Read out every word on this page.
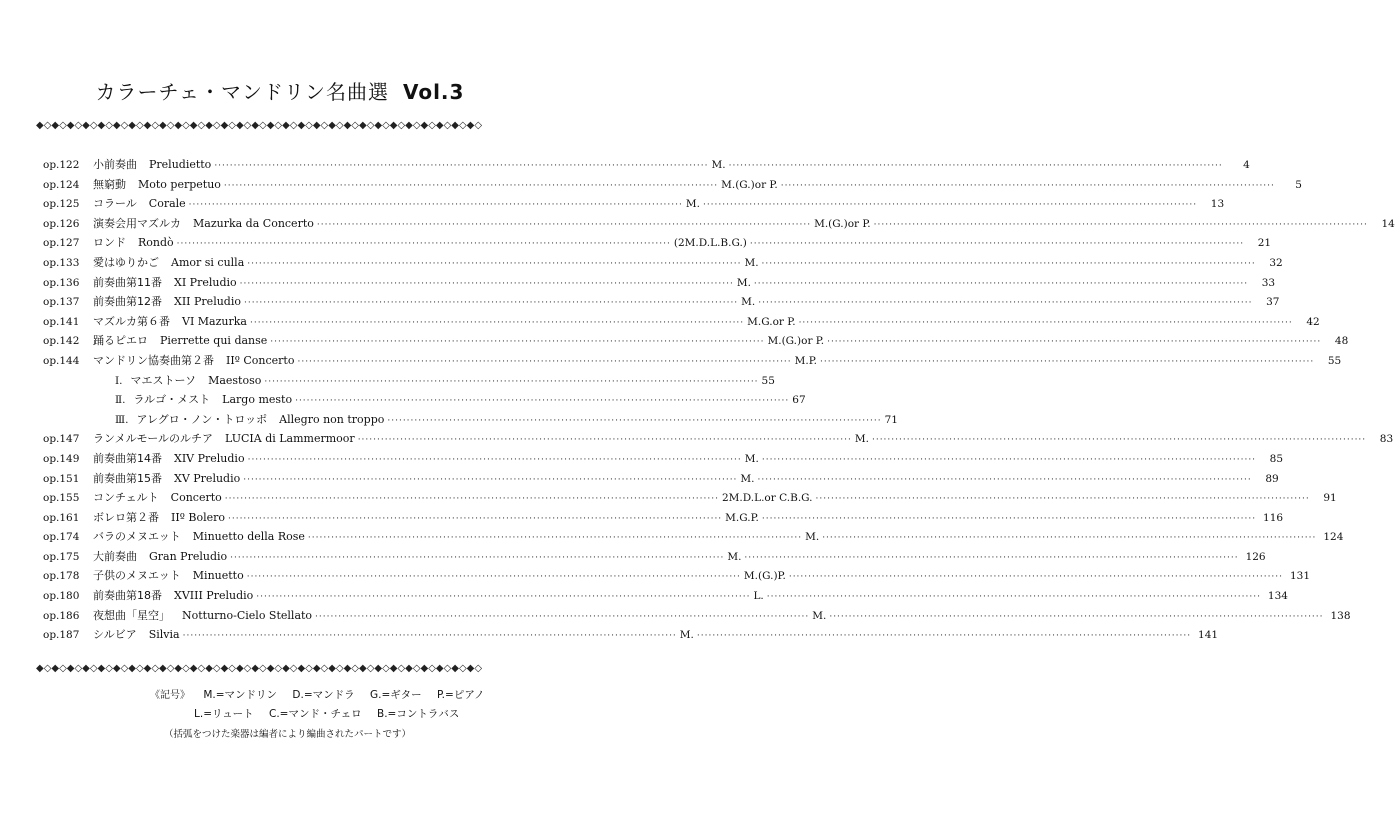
カラーチェ・マンドリン名曲選 Vol.3
◆◇◆◇◆◇◆◇◆◇◆◇◆◇◆◇◆◇◆◇◆◇◆◇◆◇◆◇◆◇◆◇◆◇◆◇◆◇◆◇◆◇◆◇◆◇◆◇◆◇◆◇◆◇◆◇◆◇
op.122	小前奏曲 Preludietto ·····	M. ·····	4
op.124	無窮動 Moto perpetuo ·····	M.(G.)or P. ·····	5
op.125	コラール Corale ·····	M. ·····	13
op.126	演奏会用マズルカ Mazurka da Concerto ·····	M.(G.)or P. ·····	14
op.127	ロンド Rondò ·····	(2M.D.L.B.G.) ·····	21
op.133	愛はゆりかご Amor si culla ·····	M. ·····	32
op.136	前奏曲第11番 XI Preludio ·····	M. ·····	33
op.137	前奏曲第12番 XII Preludio ·····	M. ·····	37
op.141	マズルカ第６番 VI Mazurka ·····	M.G.or P. ·····	42
op.142	踊るピエロ Pierrette qui danse ·····	M.(G.)or P. ·····	48
op.144	マンドリン協奏曲第２番 IIº Concerto ·····	M.P. ·····	55
Ⅰ. マエストーソ Maestoso ·····	55
Ⅱ. ラルゴ・メスト Largo mesto ·····	67
Ⅲ. アレグロ・ノン・トロッポ Allegro non troppo ·····	71
op.147	ランメルモールのルチア LUCIA di Lammermoor ·····	M. ·····	83
op.149	前奏曲第14番 XIV Preludio ·····	M. ·····	85
op.151	前奏曲第15番 XV Preludio ·····	M. ·····	89
op.155	コンチェルト Concerto ·····	2M.D.L.or C.B.G. ·····	91
op.161	ボレロ第２番 IIº Bolero ·····	M.G.P. ·····	116
op.174	バラのメヌエット Minuetto della Rose ·····	M. ·····	124
op.175	大前奏曲 Gran Preludio ·····	M. ·····	126
op.178	子供のメヌエット Minuetto ·····	M.(G.)P. ·····	131
op.180	前奏曲第18番 XVIII Preludio ·····	L. ·····	134
op.186	夜想曲「星空」 Notturno-Cielo Stellato ·····	M. ·····	138
op.187	シルビア Silvia ·····	M. ·····	141
◆◇◆◇◆◇◆◇◆◇◆◇◆◇◆◇◆◇◆◇◆◇◆◇◆◇◆◇◆◇◆◇◆◇◆◇◆◇◆◇◆◇◆◇◆◇◆◇◆◇◆◇◆◇◆◇◆◇
《記号》 M.=マンドリン D.=マンドラ G.=ギター P.=ピアノ
L.=リュート C.=マンド・チェロ B.=コントラバス
（括弧をつけた楽器は編者により編曲されたパートです）
